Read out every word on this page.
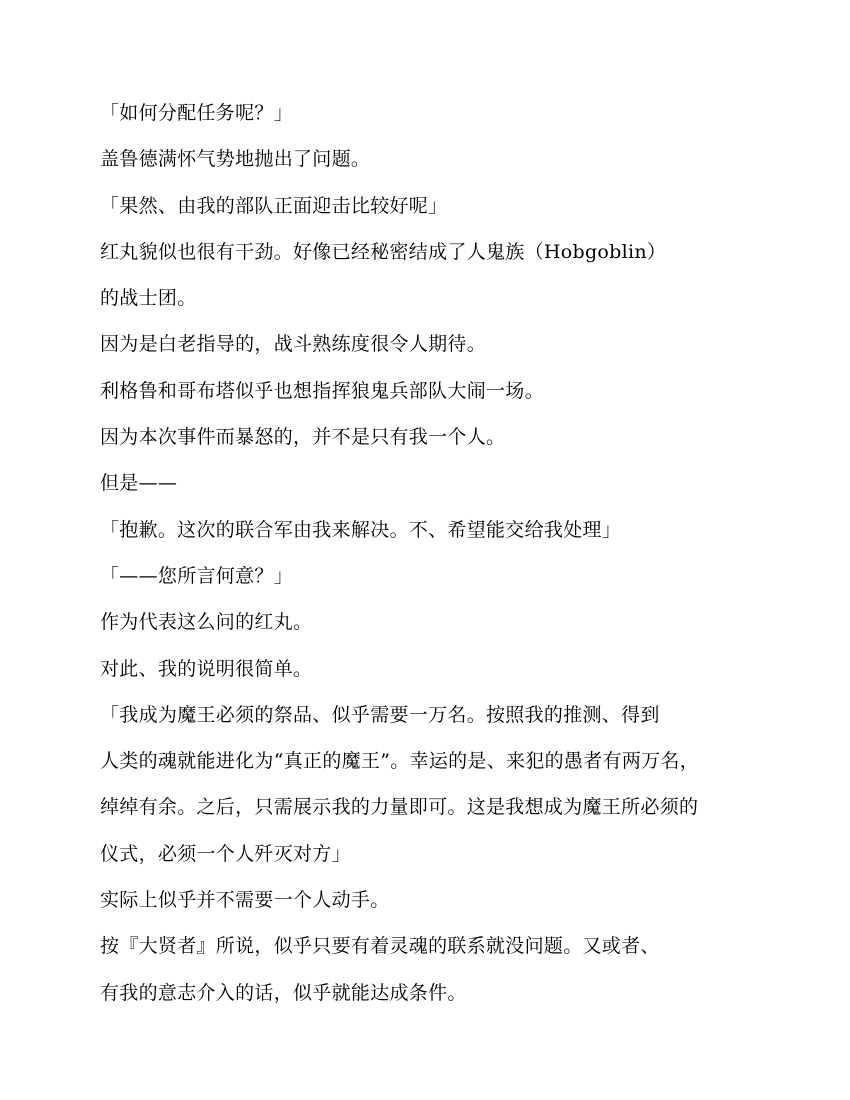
「如何分配任务呢？」

盖鲁德满怀气势地抛出了问题。

「果然、由我的部队正面迎击比较好呢」

红丸貌似也很有干劲。好像已经秘密结成了人鬼族（Hobgoblin）

的战士团。

因为是白老指导的，战斗熟练度很令人期待。

利格鲁和哥布塔似乎也想指挥狼鬼兵部队大闹一场。

因为本次事件而暴怒的，并不是只有我一个人。

但是——

「抱歉。这次的联合军由我来解决。不、希望能交给我处理」

「——您所言何意？」

作为代表这么问的红丸。

对此、我的说明很简单。

「我成为魔王必须的祭品、似乎需要一万名。按照我的推测、得到

人类的魂就能进化为“真正的魔王”。幸运的是、来犯的愚者有两万名，

绰绰有余。之后，只需展示我的力量即可。这是我想成为魔王所必须的

仪式，必须一个人歼灭对方」

实际上似乎并不需要一个人动手。

按『大贤者』所说，似乎只要有着灵魂的联系就没问题。又或者、

有我的意志介入的话，似乎就能达成条件。
